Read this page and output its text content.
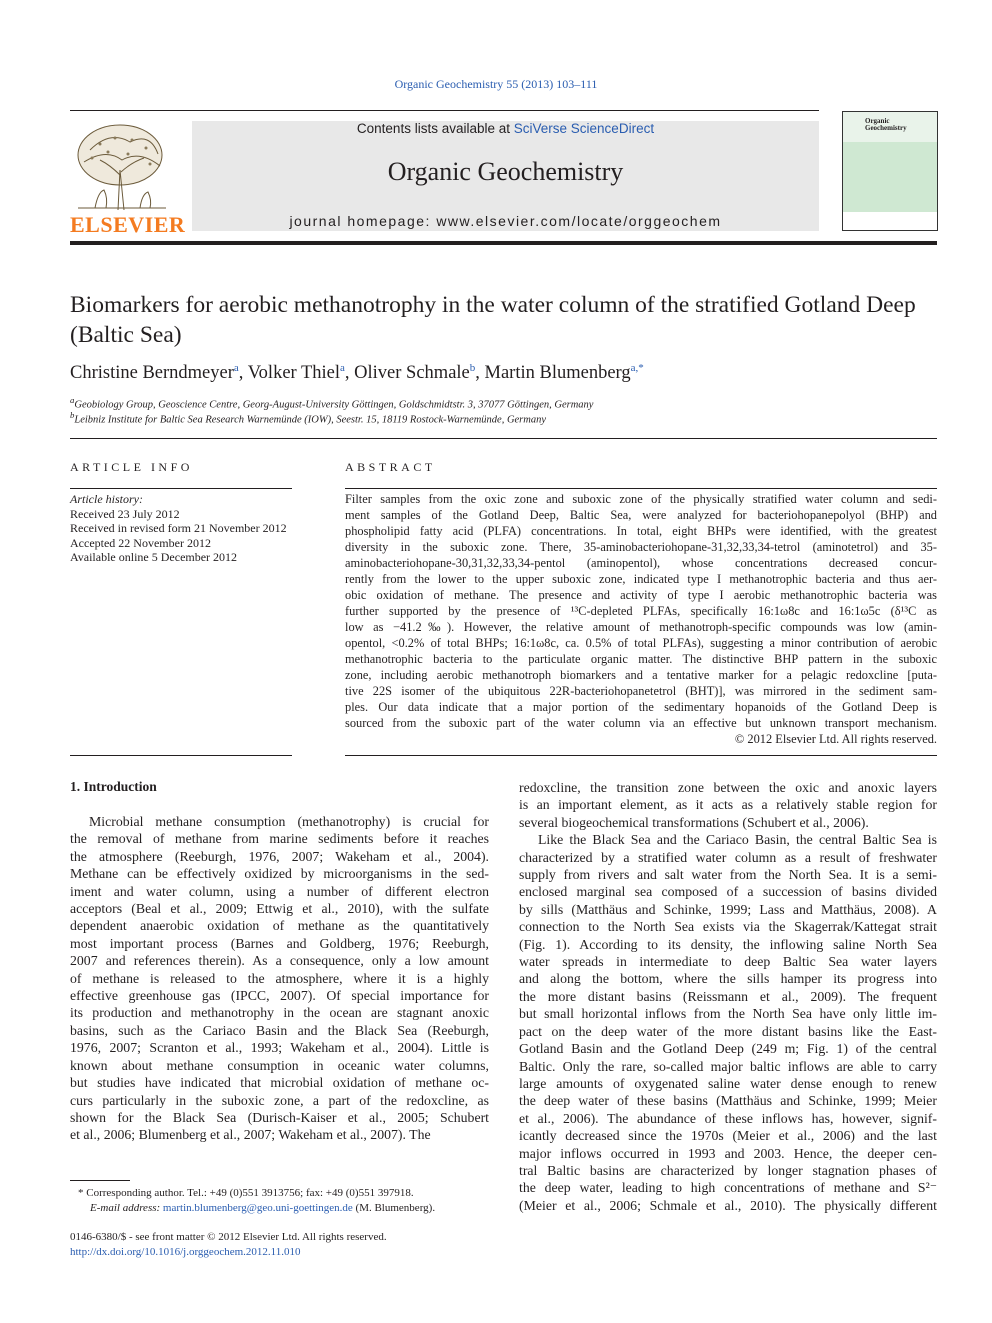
Organic Geochemistry 55 (2013) 103–111
ELSEVIER
Contents lists available at SciVerse ScienceDirect
Organic Geochemistry
journal homepage: www.elsevier.com/locate/orggeochem
Organic
Geochemistry
Biomarkers for aerobic methanotrophy in the water column of the stratified Gotland Deep (Baltic Sea)
Christine Berndmeyer$^a$, Volker Thiel$^a$, Oliver Schmale$^b$, Martin Blumenberg$^{a,*}$
$^a$Geobiology Group, Geoscience Centre, Georg-August-University Göttingen, Goldschmidtstr. 3, 37077 Göttingen, Germany
$^b$Leibniz Institute for Baltic Sea Research Warnemünde (IOW), Seestr. 15, 18119 Rostock-Warnemünde, Germany
ARTICLE INFO
Article history:
Received 23 July 2012
Received in revised form 21 November 2012
Accepted 22 November 2012
Available online 5 December 2012
ABSTRACT
Filter samples from the oxic zone and suboxic zone of the physically stratified water column and sedi-
ment samples of the Gotland Deep, Baltic Sea, were analyzed for bacteriohopanepolyol (BHP) and
phospholipid fatty acid (PLFA) concentrations. In total, eight BHPs were identified, with the greatest
diversity in the suboxic zone. There, 35-aminobacteriohopane-31,32,33,34-tetrol (aminotetrol) and 35-
aminobacteriohopane-30,31,32,33,34-pentol (aminopentol), whose concentrations decreased concur-
rently from the lower to the upper suboxic zone, indicated type I methanotrophic bacteria and thus aer-
obic oxidation of methane. The presence and activity of type I aerobic methanotrophic bacteria was
further supported by the presence of ¹³C-depleted PLFAs, specifically 16:1ω8c and 16:1ω5c (δ¹³C as
low as −41.2‰). However, the relative amount of methanotroph-specific compounds was low (amin-
opentol, <0.2% of total BHPs; 16:1ω8c, ca. 0.5% of total PLFAs), suggesting a minor contribution of aerobic
methanotrophic bacteria to the particulate organic matter. The distinctive BHP pattern in the suboxic
zone, including aerobic methanotroph biomarkers and a tentative marker for a pelagic redoxcline [puta-
tive 22S isomer of the ubiquitous 22R-bacteriohopanetetrol (BHT)], was mirrored in the sediment sam-
ples. Our data indicate that a major portion of the sedimentary hopanoids of the Gotland Deep is
sourced from the suboxic part of the water column via an effective but unknown transport mechanism.
© 2012 Elsevier Ltd. All rights reserved.
1. Introduction
Microbial methane consumption (methanotrophy) is crucial for
the removal of methane from marine sediments before it reaches
the atmosphere (Reeburgh, 1976, 2007; Wakeham et al., 2004).
Methane can be effectively oxidized by microorganisms in the sed-
iment and water column, using a number of different electron
acceptors (Beal et al., 2009; Ettwig et al., 2010), with the sulfate
dependent anaerobic oxidation of methane as the quantitatively
most important process (Barnes and Goldberg, 1976; Reeburgh,
2007 and references therein). As a consequence, only a low amount
of methane is released to the atmosphere, where it is a highly
effective greenhouse gas (IPCC, 2007). Of special importance for
its production and methanotrophy in the ocean are stagnant anoxic
basins, such as the Cariaco Basin and the Black Sea (Reeburgh,
1976, 2007; Scranton et al., 1993; Wakeham et al., 2004). Little is
known about methane consumption in oceanic water columns,
but studies have indicated that microbial oxidation of methane oc-
curs particularly in the suboxic zone, a part of the redoxcline, as
shown for the Black Sea (Durisch-Kaiser et al., 2005; Schubert
et al., 2006; Blumenberg et al., 2007; Wakeham et al., 2007). The
redoxcline, the transition zone between the oxic and anoxic layers
is an important element, as it acts as a relatively stable region for
several biogeochemical transformations (Schubert et al., 2006).
Like the Black Sea and the Cariaco Basin, the central Baltic Sea is
characterized by a stratified water column as a result of freshwater
supply from rivers and salt water from the North Sea. It is a semi-
enclosed marginal sea composed of a succession of basins divided
by sills (Matthäus and Schinke, 1999; Lass and Matthäus, 2008). A
connection to the North Sea exists via the Skagerrak/Kattegat strait
(Fig. 1). According to its density, the inflowing saline North Sea
water spreads in intermediate to deep Baltic Sea water layers
and along the bottom, where the sills hamper its progress into
the more distant basins (Reissmann et al., 2009). The frequent
but small horizontal inflows from the North Sea have only little im-
pact on the deep water of the more distant basins like the East-
Gotland Basin and the Gotland Deep (249 m; Fig. 1) of the central
Baltic. Only the rare, so-called major baltic inflows are able to carry
large amounts of oxygenated saline water dense enough to renew
the deep water of these basins (Matthäus and Schinke, 1999; Meier
et al., 2006). The abundance of these inflows has, however, signif-
icantly decreased since the 1970s (Meier et al., 2006) and the last
major inflows occurred in 1993 and 2003. Hence, the deeper cen-
tral Baltic basins are characterized by longer stagnation phases of
the deep water, leading to high concentrations of methane and S²⁻
(Meier et al., 2006; Schmale et al., 2010). The physically different
* Corresponding author. Tel.: +49 (0)551 3913756; fax: +49 (0)551 397918.
E-mail address: martin.blumenberg@geo.uni-goettingen.de (M. Blumenberg).
0146-6380/$ - see front matter © 2012 Elsevier Ltd. All rights reserved.
http://dx.doi.org/10.1016/j.orggeochem.2012.11.010
